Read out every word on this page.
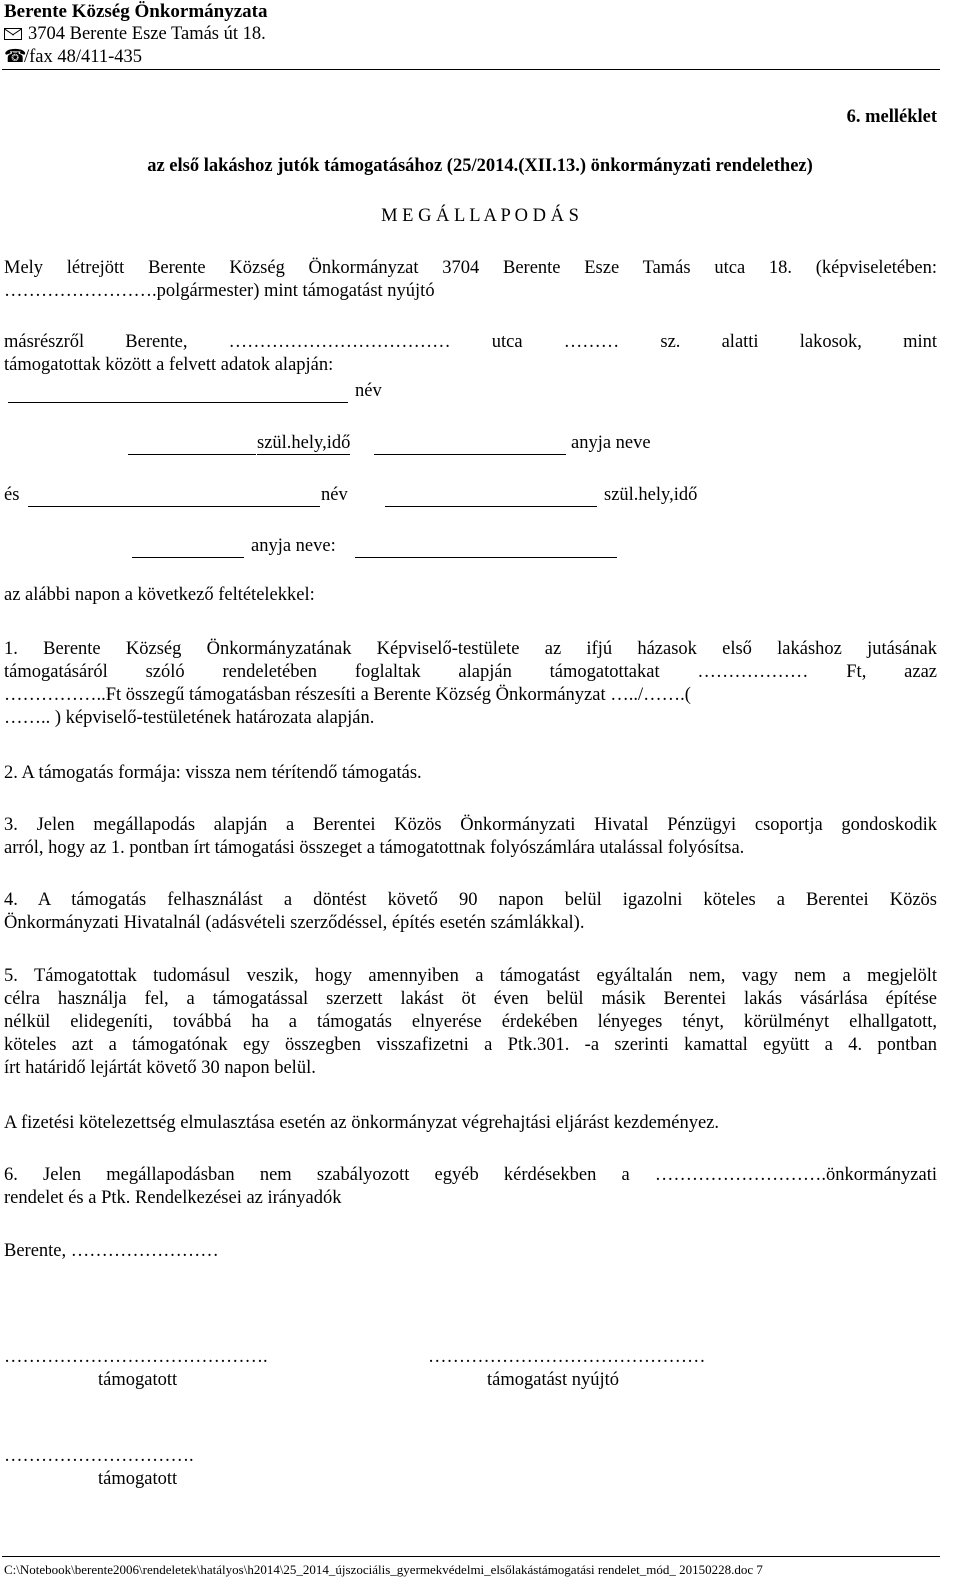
Berente Község Önkormányzata
3704 Berente Esze Tamás út 18.
☎/fax 48/411-435
6. melléklet
az első lakáshoz jutók támogatásához (25/2014.(XII.13.) önkormányzati rendelethez)
M E G Á L L A P O D Á S
Mely létrejött Berente Község Önkormányzat 3704 Berente Esze Tamás utca 18. (képviseletében:
…………………….polgármester) mint támogatást nyújtó
másrészről Berente, ……………………………… utca ……… sz. alatti lakosok, mint
támogatottak között a felvett adatok alapján:
név
szül.hely,idő	anyja neve
és	név	szül.hely,idő
anyja neve:
az alábbi napon a következő feltételekkel:
1. Berente Község Önkormányzatának Képviselő-testülete az ifjú házasok első lakáshoz jutásának
támogatásáról szóló rendeletében foglaltak alapján támogatottakat ……………… Ft, azaz
……………..Ft összegű támogatásban részesíti a Berente Község Önkormányzat …../…….(
…….. ) képviselő-testületének határozata alapján.
2. A támogatás formája: vissza nem térítendő támogatás.
3. Jelen megállapodás alapján a Berentei Közös Önkormányzati Hivatal Pénzügyi csoportja gondoskodik
arról, hogy az 1. pontban írt támogatási összeget a támogatottnak folyószámlára utalással folyósítsa.
4. A támogatás felhasználást a döntést követő 90 napon belül igazolni köteles a Berentei Közös
Önkormányzati Hivatalnál (adásvételi szerződéssel, építés esetén számlákkal).
5. Támogatottak tudomásul veszik, hogy amennyiben a támogatást egyáltalán nem, vagy nem a megjelölt
célra használja fel, a támogatással szerzett lakást öt éven belül másik Berentei lakás vásárlása építése
nélkül elidegeníti, továbbá ha a támogatás elnyerése érdekében lényeges tényt, körülményt elhallgatott,
köteles azt a támogatónak egy összegben visszafizetni a Ptk.301. -a szerinti kamattal együtt a 4. pontban
írt határidő lejártát követő 30 napon belül.
A fizetési kötelezettség elmulasztása esetén az önkormányzat végrehajtási eljárást kezdeményez.
6. Jelen megállapodásban nem szabályozott egyéb kérdésekben a ……………………….önkormányzati
rendelet és a Ptk. Rendelkezései az irányadók
Berente, ……………………
…………………………………….
támogatott
………………………………………
támogatást nyújtó
………………………….
támogatott
C:\Notebook\berente2006\rendeletek\hatályos\h2014\25_2014_újszociális_gyermekvédelmi_elsőlakástámogatási rendelet_mód_ 20150228.doc 7
